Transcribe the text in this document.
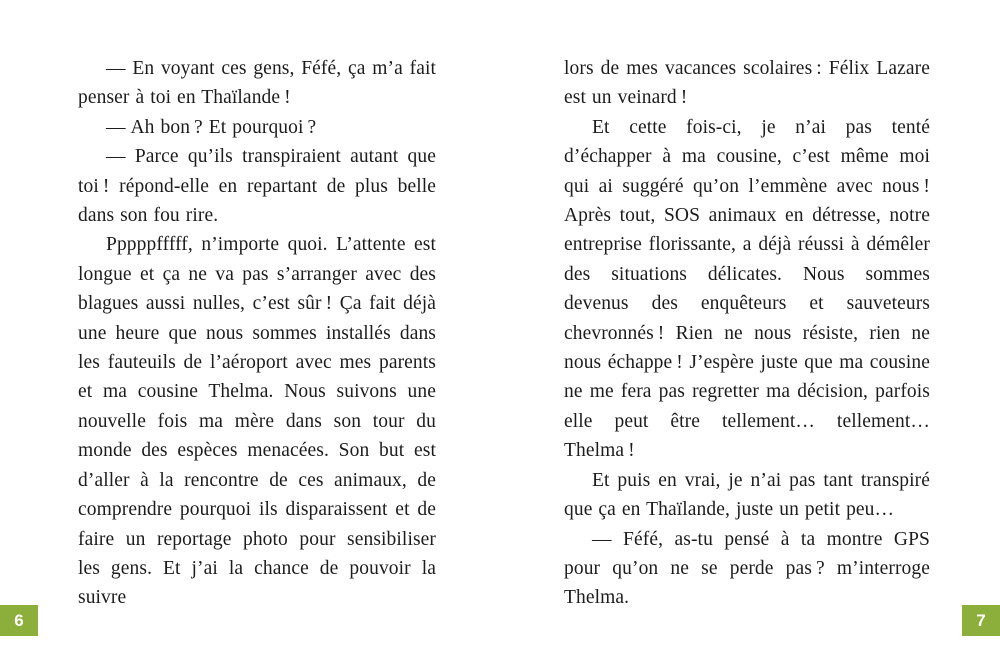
— En voyant ces gens, Féfé, ça m’a fait penser à toi en Thaïlande !

— Ah bon ? Et pourquoi ?

— Parce qu’ils transpiraient autant que toi ! répond-elle en repartant de plus belle dans son fou rire.

Pppppfffff, n’importe quoi. L’attente est longue et ça ne va pas s’arranger avec des blagues aussi nulles, c’est sûr ! Ça fait déjà une heure que nous sommes installés dans les fauteuils de l’aéroport avec mes parents et ma cousine Thelma. Nous suivons une nouvelle fois ma mère dans son tour du monde des espèces menacées. Son but est d’aller à la rencontre de ces animaux, de comprendre pourquoi ils disparaissent et de faire un reportage photo pour sensibiliser les gens. Et j’ai la chance de pouvoir la suivre

lors de mes vacances scolaires : Félix Lazare est un veinard !

Et cette fois-ci, je n’ai pas tenté d’échapper à ma cousine, c’est même moi qui ai suggéré qu’on l’emmène avec nous ! Après tout, SOS animaux en détresse, notre entreprise florissante, a déjà réussi à démêler des situations délicates. Nous sommes devenus des enquêteurs et sauveteurs chevronnés ! Rien ne nous résiste, rien ne nous échappe ! J’espère juste que ma cousine ne me fera pas regretter ma décision, parfois elle peut être tellement… tellement… Thelma !

Et puis en vrai, je n’ai pas tant transpiré que ça en Thaïlande, juste un petit peu…

— Féfé, as-tu pensé à ta montre GPS pour qu’on ne se perde pas ? m’interroge Thelma.

6	7
